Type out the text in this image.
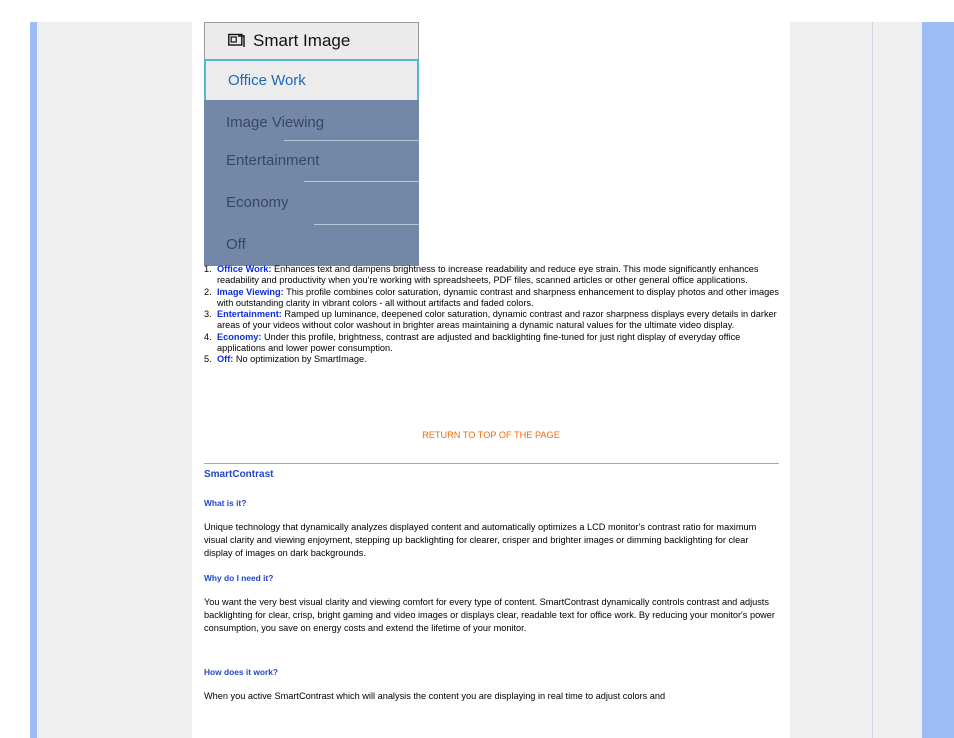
Smart Image
Office Work
Image Viewing
Entertainment
Economy
Off
1. Office Work: Enhances text and dampens brightness to increase readability and reduce eye strain. This mode significantly enhances readability and productivity when you're working with spreadsheets, PDF files, scanned articles or other general office applications.
2. Image Viewing: This profile combines color saturation, dynamic contrast and sharpness enhancement to display photos and other images with outstanding clarity in vibrant colors - all without artifacts and faded colors.
3. Entertainment: Ramped up luminance, deepened color saturation, dynamic contrast and razor sharpness displays every details in darker areas of your videos without color washout in brighter areas maintaining a dynamic natural values for the ultimate video display.
4. Economy: Under this profile, brightness, contrast are adjusted and backlighting fine-tuned for just right display of everyday office applications and lower power consumption.
5. Off: No optimization by SmartImage.
RETURN TO TOP OF THE PAGE
SmartContrast
What is it?
Unique technology that dynamically analyzes displayed content and automatically optimizes a LCD monitor's contrast ratio for maximum visual clarity and viewing enjoyment, stepping up backlighting for clearer, crisper and brighter images or dimming backlighting for clear display of images on dark backgrounds.
Why do I need it?
You want the very best visual clarity and viewing comfort for every type of content. SmartContrast dynamically controls contrast and adjusts backlighting for clear, crisp, bright gaming and video images or displays clear, readable text for office work. By reducing your monitor's power consumption, you save on energy costs and extend the lifetime of your monitor.
How does it work?
When you active SmartContrast which will analysis the content you are displaying in real time to adjust colors and
